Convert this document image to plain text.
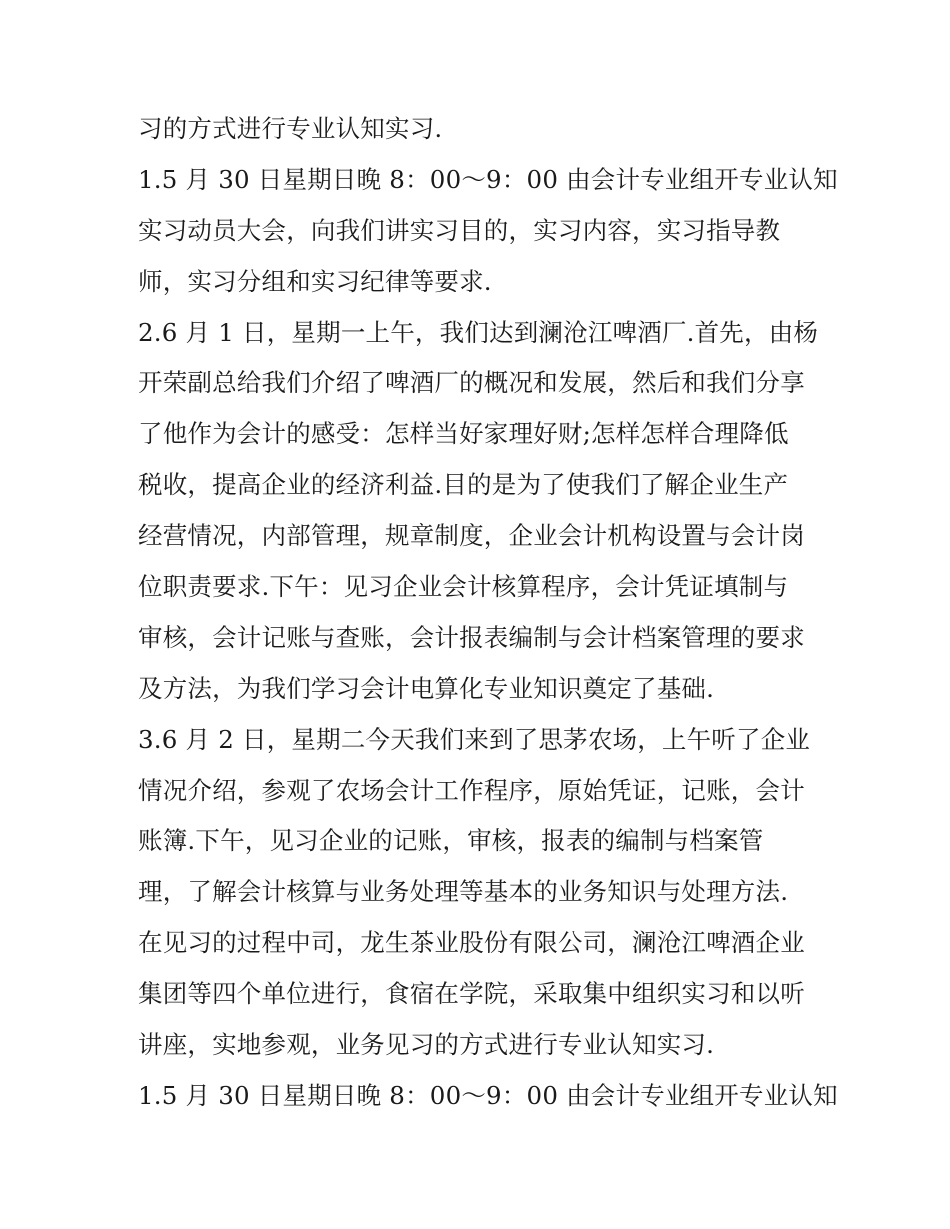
习的方式进行专业认知实习.
1.5 月 30 日星期日晚 8：00～9：00 由会计专业组开专业认知
实习动员大会，向我们讲实习目的，实习内容，实习指导教
师，实习分组和实习纪律等要求.
2.6 月 1 日，星期一上午，我们达到澜沧江啤酒厂.首先，由杨
开荣副总给我们介绍了啤酒厂的概况和发展，然后和我们分享
了他作为会计的感受：怎样当好家理好财;怎样怎样合理降低
税收，提高企业的经济利益.目的是为了使我们了解企业生产
经营情况，内部管理，规章制度，企业会计机构设置与会计岗
位职责要求.下午：见习企业会计核算程序，会计凭证填制与
审核，会计记账与查账，会计报表编制与会计档案管理的要求
及方法，为我们学习会计电算化专业知识奠定了基础.
3.6 月 2 日，星期二今天我们来到了思茅农场，上午听了企业
情况介绍，参观了农场会计工作程序，原始凭证，记账，会计
账簿.下午，见习企业的记账，审核，报表的编制与档案管
理，了解会计核算与业务处理等基本的业务知识与处理方法.
在见习的过程中司，龙生茶业股份有限公司，澜沧江啤酒企业
集团等四个单位进行，食宿在学院，采取集中组织实习和以听
讲座，实地参观，业务见习的方式进行专业认知实习.
1.5 月 30 日星期日晚 8：00～9：00 由会计专业组开专业认知
